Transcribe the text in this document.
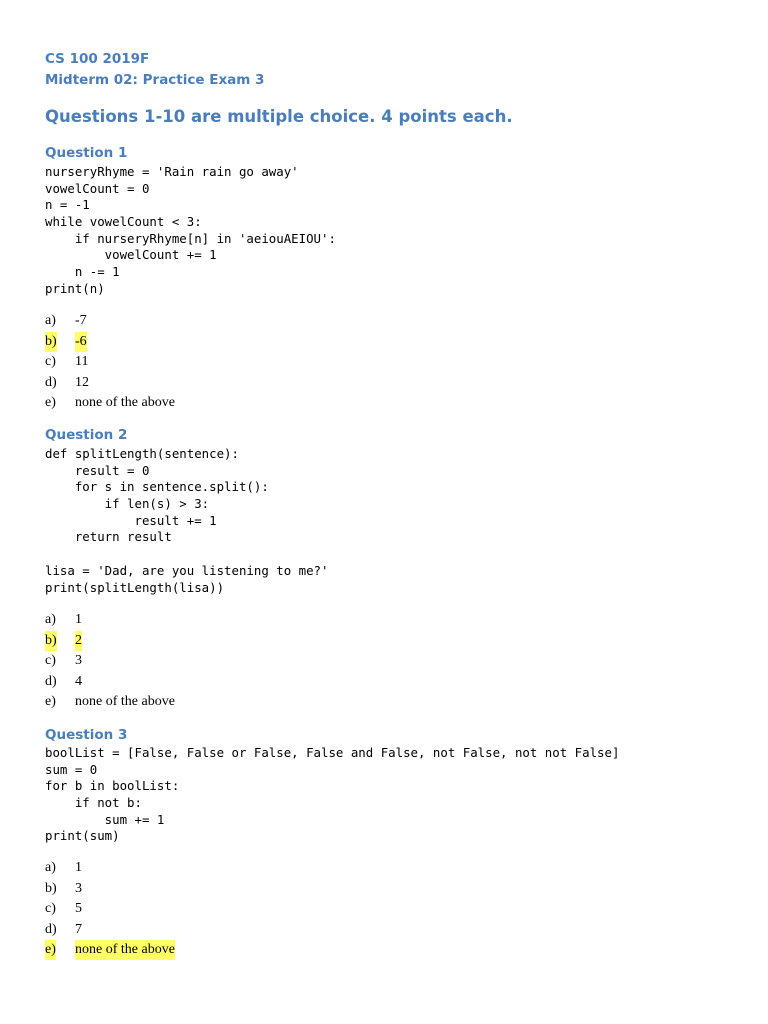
CS 100 2019F
Midterm 02: Practice Exam 3
Questions 1-10 are multiple choice. 4 points each.
Question 1
nurseryRhyme = 'Rain rain go away'
vowelCount = 0
n = -1
while vowelCount < 3:
if nurseryRhyme[n] in 'aeiouAEIOU':
vowelCount += 1
n -= 1
print(n)
a) -7
b) -6
c) 11
d) 12
e) none of the above
Question 2
def splitLength(sentence):
result = 0
for s in sentence.split():
if len(s) > 3:
result += 1
return result
lisa = 'Dad, are you listening to me?'
print(splitLength(lisa))
a) 1
b) 2
c) 3
d) 4
e) none of the above
Question 3
boolList = [False, False or False, False and False, not False, not not False]
sum = 0
for b in boolList:
if not b:
sum += 1
print(sum)
a) 1
b) 3
c) 5
d) 7
e) none of the above
